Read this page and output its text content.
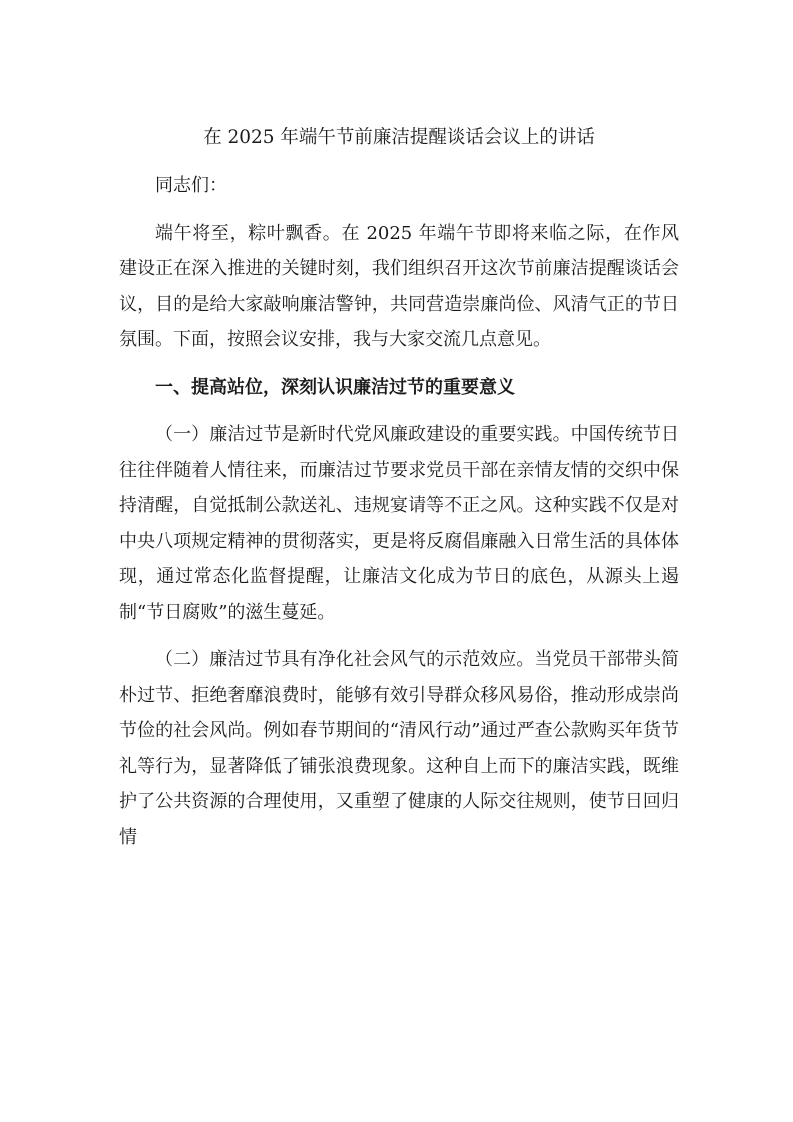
在 2025 年端午节前廉洁提醒谈话会议上的讲话
同志们：
端午将至，粽叶飘香。在 2025 年端午节即将来临之际，在作风建设正在深入推进的关键时刻，我们组织召开这次节前廉洁提醒谈话会议，目的是给大家敲响廉洁警钟，共同营造崇廉尚俭、风清气正的节日氛围。下面，按照会议安排，我与大家交流几点意见。
一、提高站位，深刻认识廉洁过节的重要意义
（一）廉洁过节是新时代党风廉政建设的重要实践。中国传统节日往往伴随着人情往来，而廉洁过节要求党员干部在亲情友情的交织中保持清醒，自觉抵制公款送礼、违规宴请等不正之风。这种实践不仅是对中央八项规定精神的贯彻落实，更是将反腐倡廉融入日常生活的具体体现，通过常态化监督提醒，让廉洁文化成为节日的底色，从源头上遏制“节日腐败”的滋生蔓延。
（二）廉洁过节具有净化社会风气的示范效应。当党员干部带头简朴过节、拒绝奢靡浪费时，能够有效引导群众移风易俗，推动形成崇尚节俭的社会风尚。例如春节期间的“清风行动”通过严查公款购买年货节礼等行为，显著降低了铺张浪费现象。这种自上而下的廉洁实践，既维护了公共资源的合理使用，又重塑了健康的人际交往规则，使节日回归情
